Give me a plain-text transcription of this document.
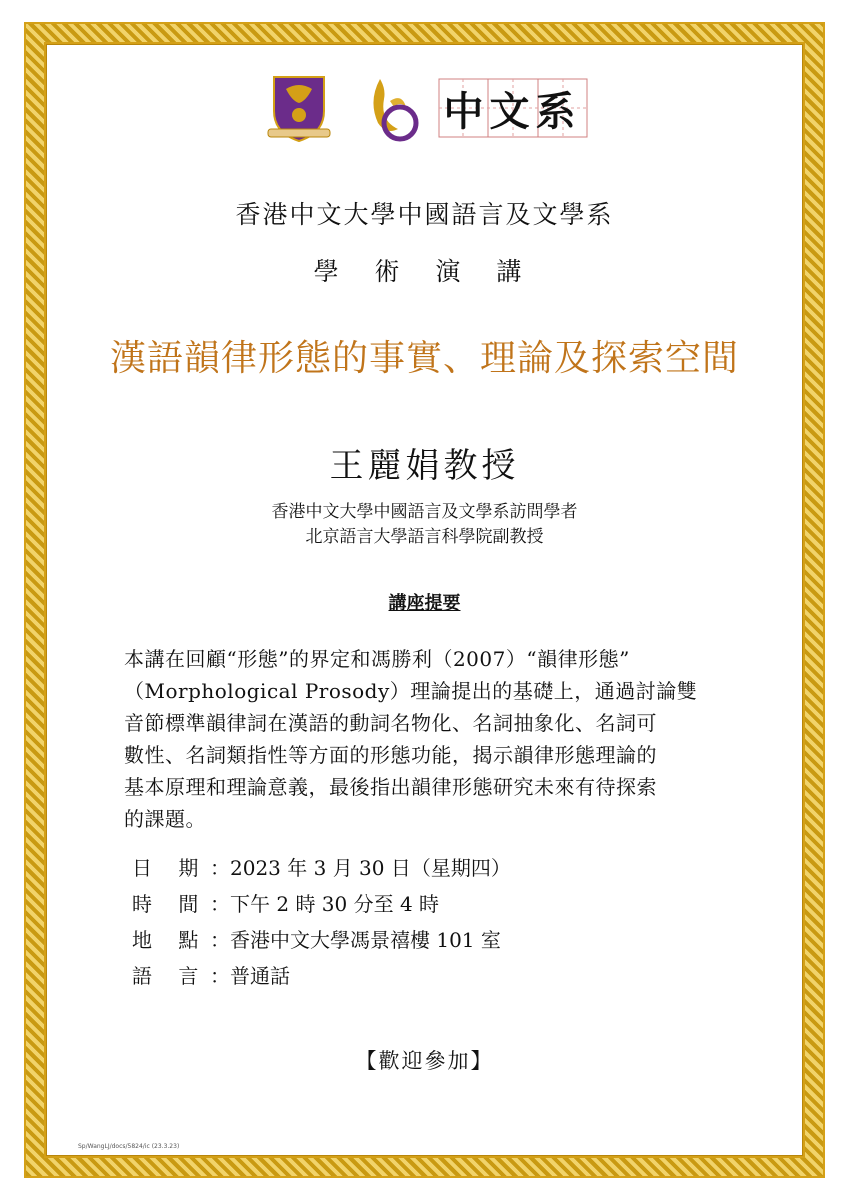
中文系
香港中文大學中國語言及文學系
學 術 演 講
漢語韻律形態的事實、理論及探索空間
王麗娟教授
香港中文大學中國語言及文學系訪問學者
北京語言大學語言科學院副教授
講座提要
本講在回顧“形態”的界定和馮勝利（2007）“韻律形態”
（Morphological Prosody）理論提出的基礎上，通過討論雙
音節標準韻律詞在漢語的動詞名物化、名詞抽象化、名詞可
數性、名詞類指性等方面的形態功能，揭示韻律形態理論的
基本原理和理論意義，最後指出韻律形態研究未來有待探索
的課題。
日 期 ：2023 年 3 月 30 日（星期四）
時 間 ：下午 2 時 30 分至 4 時
地 點 ：香港中文大學馮景禧樓 101 室
語 言 ：普通話
【歡迎參加】
Sp/WangLJ/docs/5824/ic (23.3.23)
